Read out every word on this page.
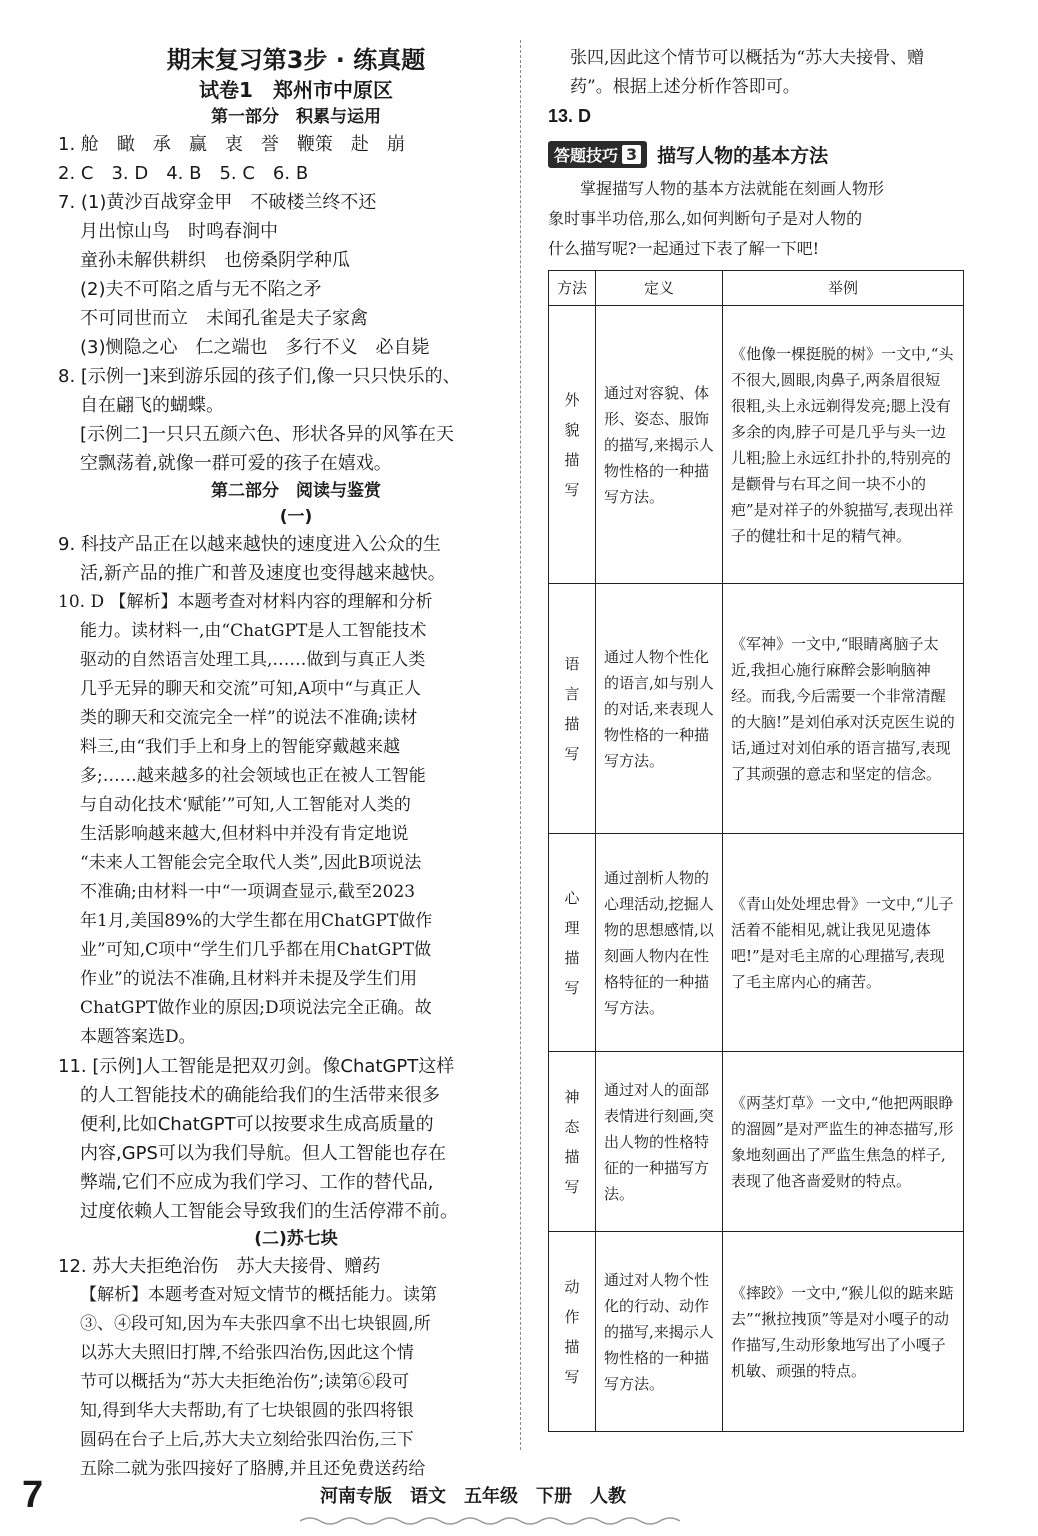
期末复习第3步 · 练真题
试卷1　郑州市中原区
第一部分　积累与运用
1. 舱　瞰　承　赢　衷　誉　鞭策　赴　崩
2. C　3. D　4. B　5. C　6. B
7. (1)黄沙百战穿金甲　不破楼兰终不还
月出惊山鸟　时鸣春涧中
童孙未解供耕织　也傍桑阴学种瓜
(2)夫不可陷之盾与无不陷之矛
不可同世而立　未闻孔雀是夫子家禽
(3)恻隐之心　仁之端也　多行不义　必自毙
8. [示例一]来到游乐园的孩子们,像一只只快乐的、
自在翩飞的蝴蝶。
[示例二]一只只五颜六色、形状各异的风筝在天
空飘荡着,就像一群可爱的孩子在嬉戏。
第二部分　阅读与鉴赏
(一)
9. 科技产品正在以越来越快的速度进入公众的生
活,新产品的推广和普及速度也变得越来越快。
10. D 【解析】本题考查对材料内容的理解和分析
能力。读材料一,由“ChatGPT是人工智能技术
驱动的自然语言处理工具,……做到与真正人类
几乎无异的聊天和交流”可知,A项中“与真正人
类的聊天和交流完全一样”的说法不准确;读材
料三,由“我们手上和身上的智能穿戴越来越
多;……越来越多的社会领域也正在被人工智能
与自动化技术‘赋能’”可知,人工智能对人类的
生活影响越来越大,但材料中并没有肯定地说
“未来人工智能会完全取代人类”,因此B项说法
不准确;由材料一中“一项调查显示,截至2023
年1月,美国89%的大学生都在用ChatGPT做作
业”可知,C项中“学生们几乎都在用ChatGPT做
作业”的说法不准确,且材料并未提及学生们用
ChatGPT做作业的原因;D项说法完全正确。故
本题答案选D。
11. [示例]人工智能是把双刃剑。像ChatGPT这样
的人工智能技术的确能给我们的生活带来很多
便利,比如ChatGPT可以按要求生成高质量的
内容,GPS可以为我们导航。但人工智能也存在
弊端,它们不应成为我们学习、工作的替代品,
过度依赖人工智能会导致我们的生活停滞不前。
(二)苏七块
12. 苏大夫拒绝治伤　苏大夫接骨、赠药
【解析】本题考查对短文情节的概括能力。读第
③、④段可知,因为车夫张四拿不出七块银圆,所
以苏大夫照旧打牌,不给张四治伤,因此这个情
节可以概括为“苏大夫拒绝治伤”;读第⑥段可
知,得到华大夫帮助,有了七块银圆的张四将银
圆码在台子上后,苏大夫立刻给张四治伤,三下
五除二就为张四接好了胳膊,并且还免费送药给
张四,因此这个情节可以概括为“苏大夫接骨、赠
药”。根据上述分析作答即可。
13. D
答题技巧 3 描写人物的基本方法
掌握描写人物的基本方法就能在刻画人物形
象时事半功倍,那么,如何判断句子是对人物的
什么描写呢?一起通过下表了解一下吧!
方法	定义	举例

外
貌
描
写	通过对容貌、体形、姿态、服饰的描写,来揭示人物性格的一种描写方法。	《他像一棵挺脱的树》一文中,“头不很大,圆眼,肉鼻子,两条眉很短很粗,头上永远剃得发亮;腮上没有多余的肉,脖子可是几乎与头一边儿粗;脸上永远红扑扑的,特别亮的是颧骨与右耳之间一块不小的疤”是对祥子的外貌描写,表现出祥子的健壮和十足的精气神。

语
言
描
写	通过人物个性化的语言,如与别人的对话,来表现人物性格的一种描写方法。	《军神》一文中,“眼睛离脑子太近,我担心施行麻醉会影响脑神经。而我,今后需要一个非常清醒的大脑!”是刘伯承对沃克医生说的话,通过对刘伯承的语言描写,表现了其顽强的意志和坚定的信念。

心
理
描
写	通过剖析人物的心理活动,挖掘人物的思想感情,以刻画人物内在性格特征的一种描写方法。	《青山处处埋忠骨》一文中,“儿子活着不能相见,就让我见见遗体吧!”是对毛主席的心理描写,表现了毛主席内心的痛苦。

神
态
描
写	通过对人的面部表情进行刻画,突出人物的性格特征的一种描写方法。	《两茎灯草》一文中,“他把两眼睁的溜圆”是对严监生的神态描写,形象地刻画出了严监生焦急的样子,表现了他吝啬爱财的特点。

动
作
描
写	通过对人物个性化的行动、动作的描写,来揭示人物性格的一种描写方法。	《摔跤》一文中,“猴儿似的踮来踮去”“揪拉拽顶”等是对小嘎子的动作描写,生动形象地写出了小嘎子机敏、顽强的特点。
7	河南专版　语文　五年级　下册　人教
